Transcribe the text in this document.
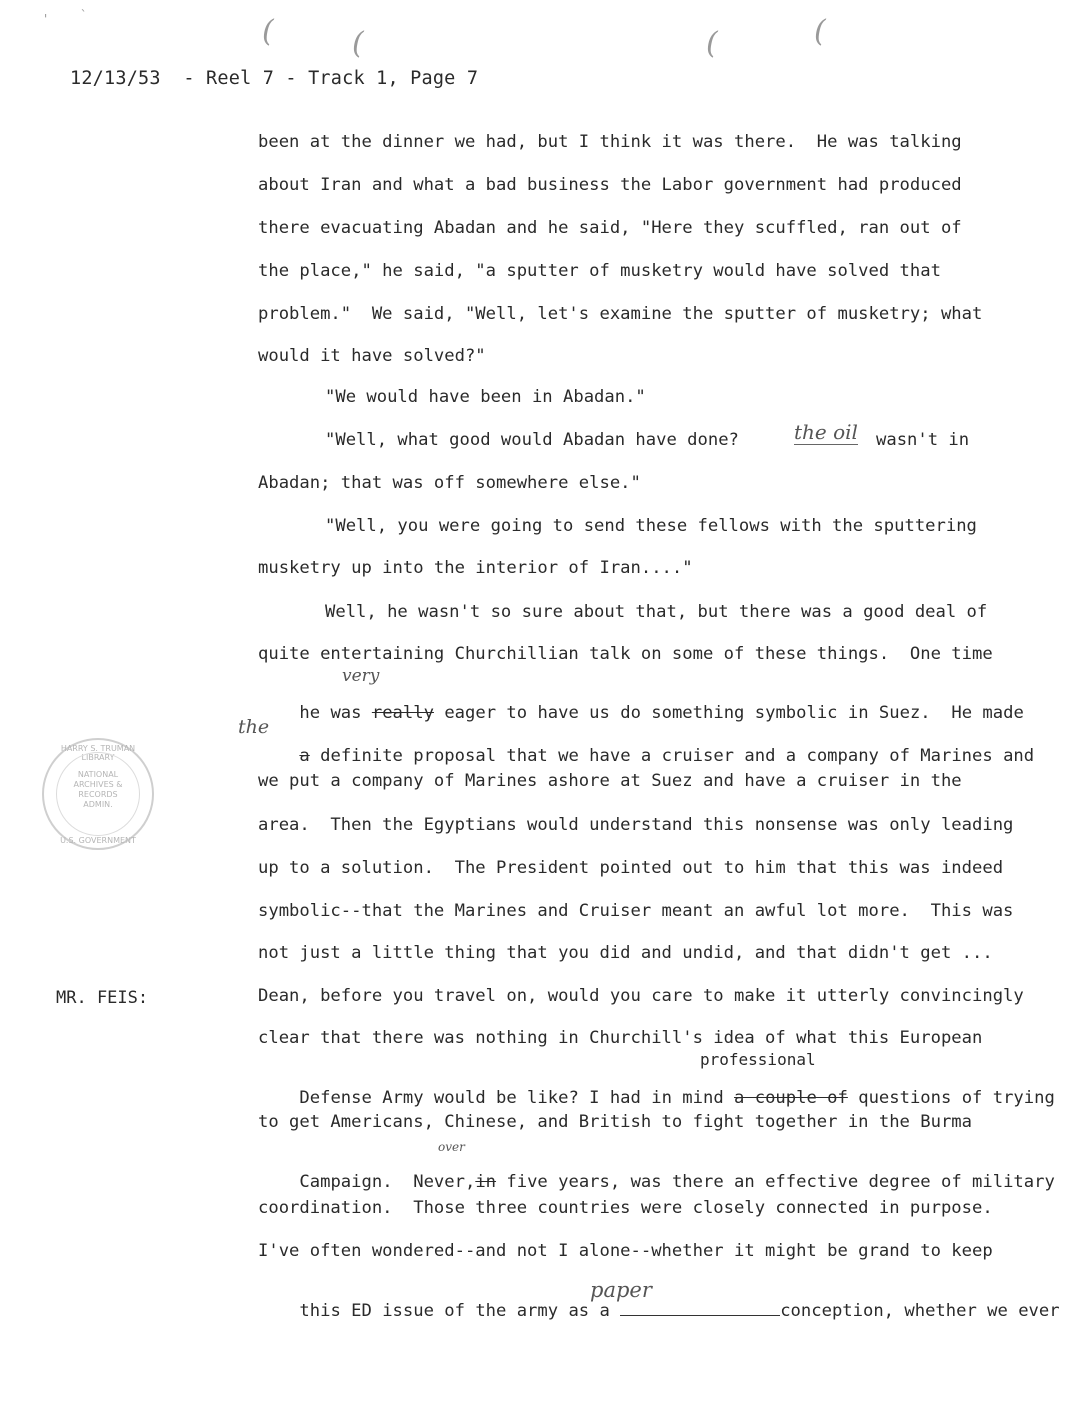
(	(	(	(
'	`
12/13/53  - Reel 7 - Track 1, Page 7
been at the dinner we had, but I think it was there.  He was talking
about Iran and what a bad business the Labor government had produced
there evacuating Abadan and he said, "Here they scuffled, ran out of
the place," he said, "a sputter of musketry would have solved that
problem."  We said, "Well, let's examine the sputter of musketry; what
would it have solved?"
"We would have been in Abadan."
"Well, what good would Abadan have done?	the oil wasn't in
Abadan; that was off somewhere else."
"Well, you were going to send these fellows with the sputtering
musketry up into the interior of Iran...."
Well, he wasn't so sure about that, but there was a good deal of
quite entertaining Churchillian talk on some of these things.  One time

he was really eager to have us do something symbolic in Suez.  He made

very

a definite proposal that we have a cruiser and a company of Marines and

the
we put a company of Marines ashore at Suez and have a cruiser in the
area.  Then the Egyptians would understand this nonsense was only leading
up to a solution.  The President pointed out to him that this was indeed
symbolic--that the Marines and Cruiser meant an awful lot more.  This was
not just a little thing that you did and undid, and that didn't get ...
MR. FEIS:	Dean, before you travel on, would you care to make it utterly convincingly
clear that there was nothing in Churchill's idea of what this European
professional

Defense Army would be like? I had in mind a couple of questions of trying

to get Americans, Chinese, and British to fight together in the Burma

Campaign.  Never,in five years, was there an effective degree of military

over
coordination.  Those three countries were closely connected in purpose.
I've often wondered--and not I alone--whether it might be grand to keep

this ED issue of the army as a	conception, whether we ever

paper
HARRY S. TRUMAN LIBRARY
NATIONAL
ARCHIVES &
RECORDS
ADMIN.
U.S. GOVERNMENT
